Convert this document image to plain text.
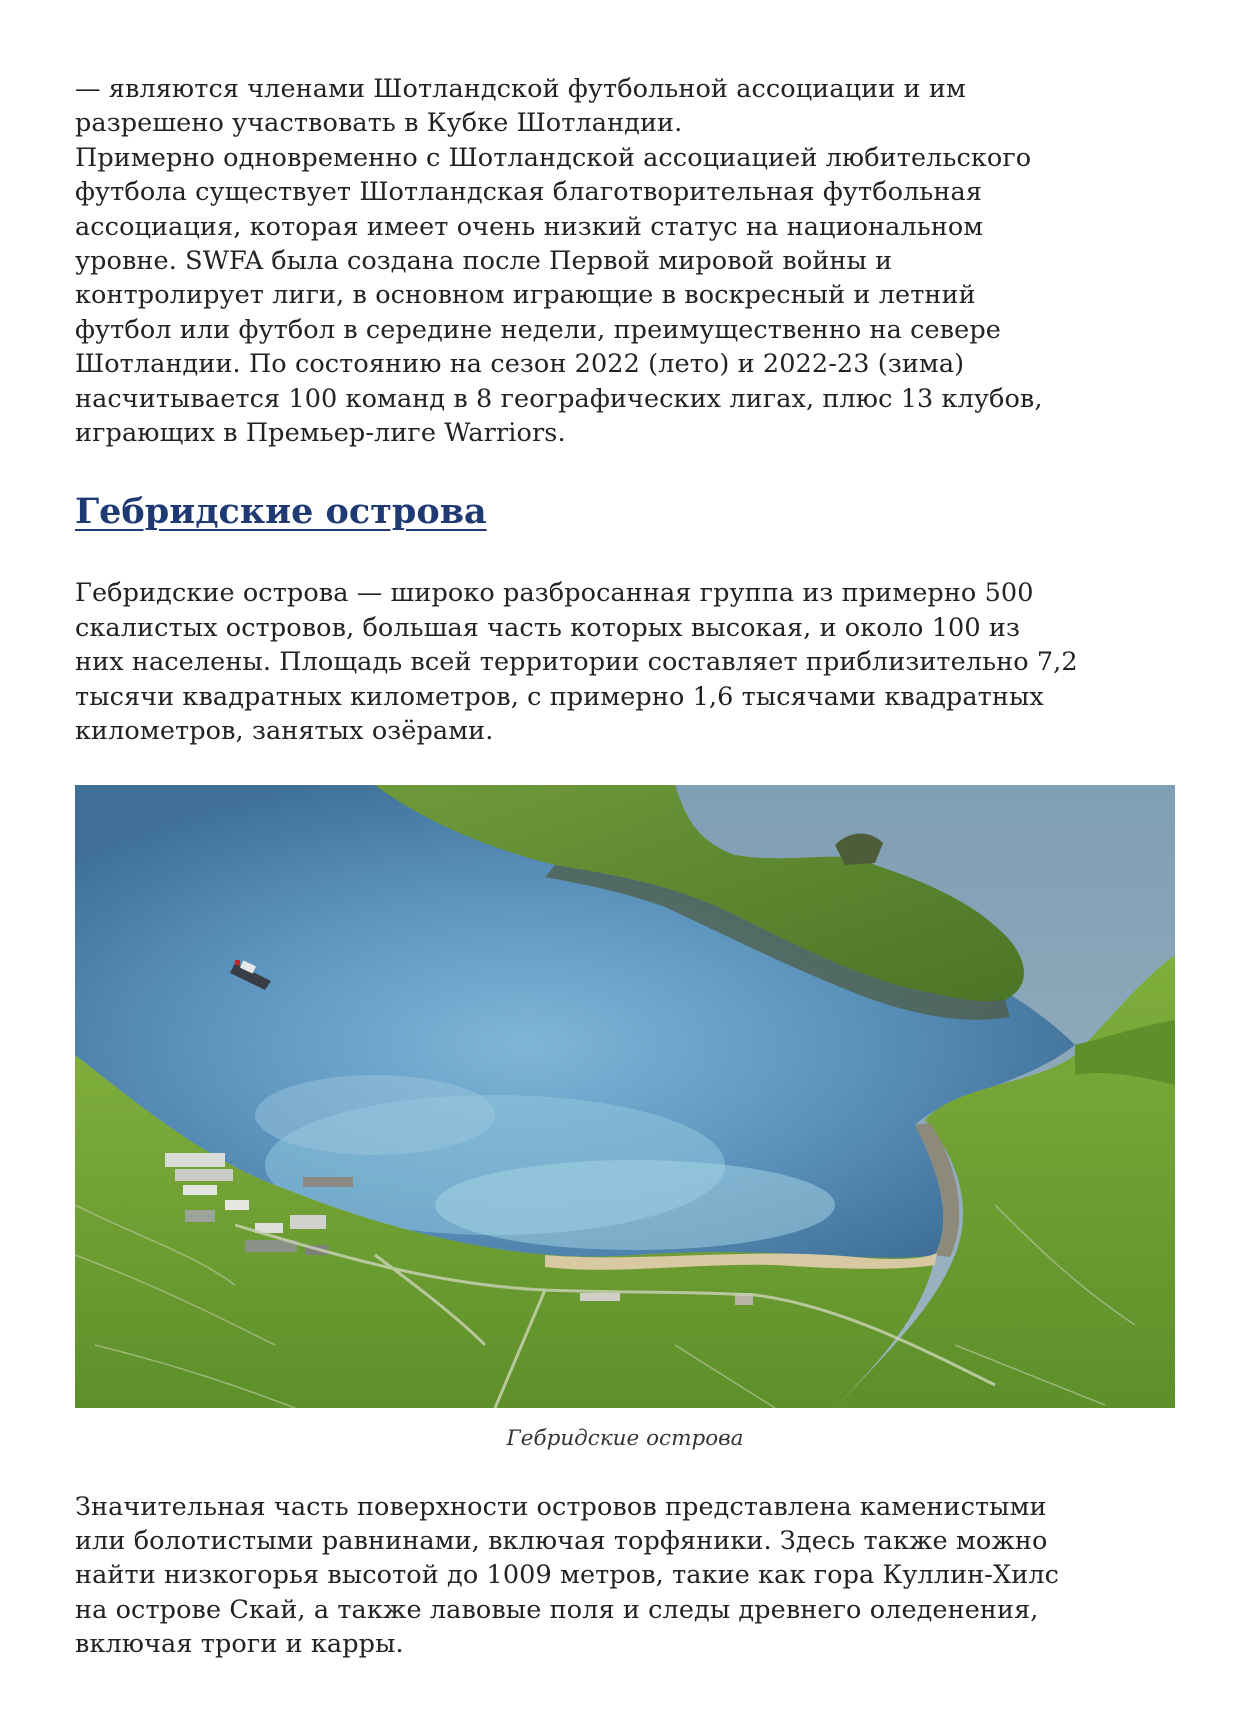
— являются членами Шотландской футбольной ассоциации и им
разрешено участвовать в Кубке Шотландии.
Примерно одновременно с Шотландской ассоциацией любительского
футбола существует Шотландская благотворительная футбольная
ассоциация, которая имеет очень низкий статус на национальном
уровне. SWFA была создана после Первой мировой войны и
контролирует лиги, в основном играющие в воскресный и летний
футбол или футбол в середине недели, преимущественно на севере
Шотландии. По состоянию на сезон 2022 (лето) и 2022-23 (зима)
насчитывается 100 команд в 8 географических лигах, плюс 13 клубов,
играющих в Премьер-лиге Warriors.

Гебридские острова

Гебридские острова — широко разбросанная группа из примерно 500
скалистых островов, большая часть которых высокая, и около 100 из
них населены. Площадь всей территории составляет приблизительно 7,2
тысячи квадратных километров, с примерно 1,6 тысячами квадратных
километров, занятых озёрами.

Гебридские острова

Значительная часть поверхности островов представлена каменистыми
или болотистыми равнинами, включая торфяники. Здесь также можно
найти низкогорья высотой до 1009 метров, такие как гора Куллин-Хилс
на острове Скай, а также лавовые поля и следы древнего оледенения,
включая троги и карры.
